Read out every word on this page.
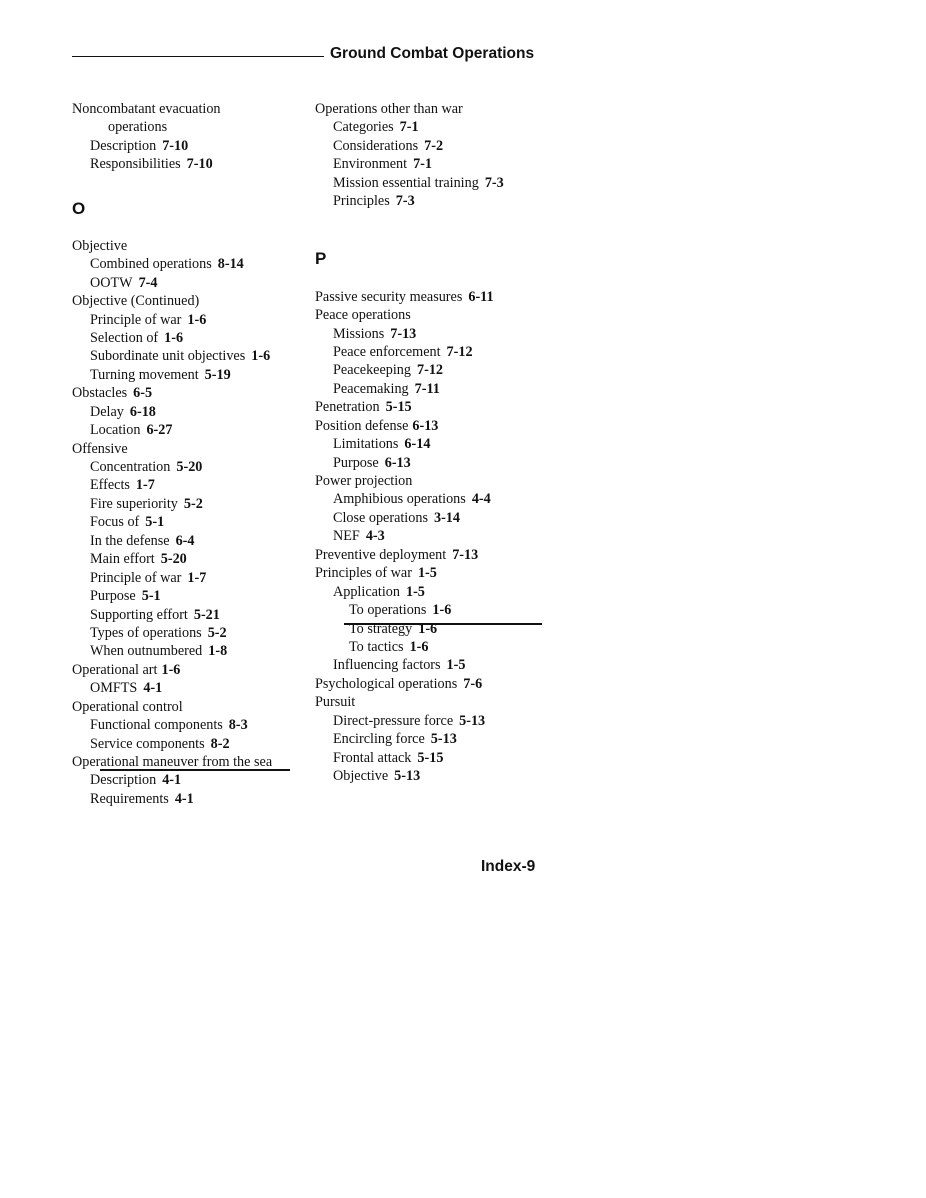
Ground Combat Operations
Noncombatant evacuation
operations
Description 7-10
Responsibilities 7-10
O
Objective
Combined operations 8-14
OOTW 7-4
Objective (Continued)
Principle of war 1-6
Selection of 1-6
Subordinate unit objectives 1-6
Turning movement 5-19
Obstacles 6-5
Delay 6-18
Location 6-27
Offensive
Concentration 5-20
Effects 1-7
Fire superiority 5-2
Focus of 5-1
In the defense 6-4
Main effort 5-20
Principle of war 1-7
Purpose 5-1
Supporting effort 5-21
Types of operations 5-2
When outnumbered 1-8
Operational art 1-6
OMFTS 4-1
Operational control
Functional components 8-3
Service components 8-2
Operational maneuver from the sea
Description 4-1
Requirements 4-1
Operations other than war
Categories 7-1
Considerations 7-2
Environment 7-1
Mission essential training 7-3
Principles 7-3
P
Passive security measures 6-11
Peace operations
Missions 7-13
Peace enforcement 7-12
Peacekeeping 7-12
Peacemaking 7-11
Penetration 5-15
Position defense 6-13
Limitations 6-14
Purpose 6-13
Power projection
Amphibious operations 4-4
Close operations 3-14
NEF 4-3
Preventive deployment 7-13
Principles of war 1-5
Application 1-5
To operations 1-6
To strategy 1-6
To tactics 1-6
Influencing factors 1-5
Psychological operations 7-6
Pursuit
Direct-pressure force 5-13
Encircling force 5-13
Frontal attack 5-15
Objective 5-13
Index-9
